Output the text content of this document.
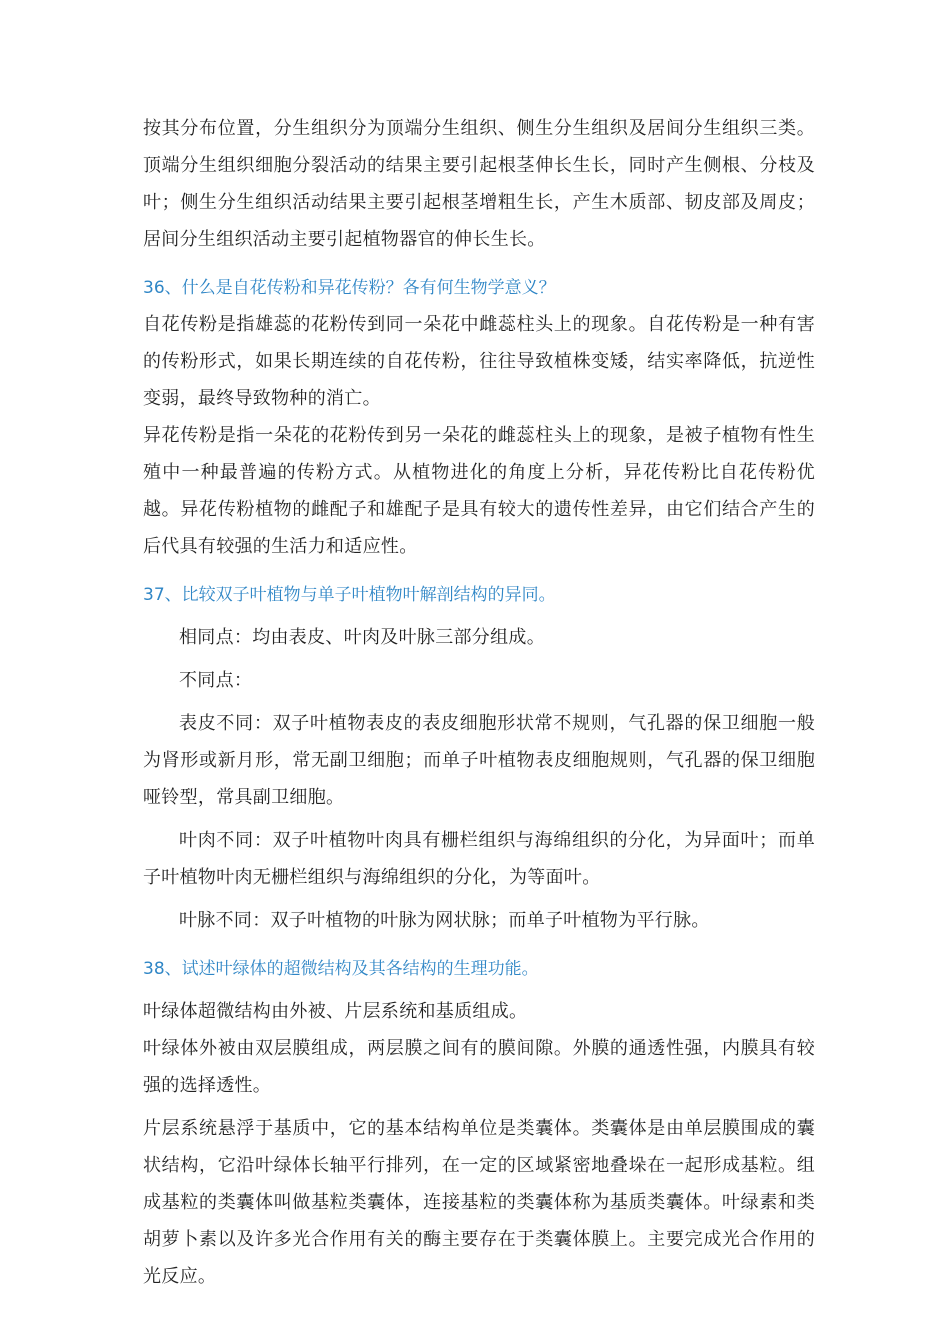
按其分布位置，分生组织分为顶端分生组织、侧生分生组织及居间分生组织三类。顶端分生组织细胞分裂活动的结果主要引起根茎伸长生长，同时产生侧根、分枝及叶；侧生分生组织活动结果主要引起根茎增粗生长，产生木质部、韧皮部及周皮；居间分生组织活动主要引起植物器官的伸长生长。

36、什么是自花传粉和异花传粉？各有何生物学意义？

自花传粉是指雄蕊的花粉传到同一朵花中雌蕊柱头上的现象。自花传粉是一种有害的传粉形式，如果长期连续的自花传粉，往往导致植株变矮，结实率降低，抗逆性变弱，最终导致物种的消亡。

异花传粉是指一朵花的花粉传到另一朵花的雌蕊柱头上的现象，是被子植物有性生殖中一种最普遍的传粉方式。从植物进化的角度上分析，异花传粉比自花传粉优越。异花传粉植物的雌配子和雄配子是具有较大的遗传性差异，由它们结合产生的后代具有较强的生活力和适应性。

37、比较双子叶植物与单子叶植物叶解剖结构的异同。

相同点：均由表皮、叶肉及叶脉三部分组成。

不同点：

表皮不同：双子叶植物表皮的表皮细胞形状常不规则，气孔器的保卫细胞一般为肾形或新月形，常无副卫细胞；而单子叶植物表皮细胞规则，气孔器的保卫细胞哑铃型，常具副卫细胞。

叶肉不同：双子叶植物叶肉具有栅栏组织与海绵组织的分化，为异面叶；而单子叶植物叶肉无栅栏组织与海绵组织的分化，为等面叶。

叶脉不同：双子叶植物的叶脉为网状脉；而单子叶植物为平行脉。

38、试述叶绿体的超微结构及其各结构的生理功能。

叶绿体超微结构由外被、片层系统和基质组成。

叶绿体外被由双层膜组成，两层膜之间有的膜间隙。外膜的通透性强，内膜具有较强的选择透性。

片层系统悬浮于基质中，它的基本结构单位是类囊体。类囊体是由单层膜围成的囊状结构，它沿叶绿体长轴平行排列，在一定的区域紧密地叠垛在一起形成基粒。组成基粒的类囊体叫做基粒类囊体，连接基粒的类囊体称为基质类囊体。叶绿素和类胡萝卜素以及许多光合作用有关的酶主要存在于类囊体膜上。主要完成光合作用的光反应。
